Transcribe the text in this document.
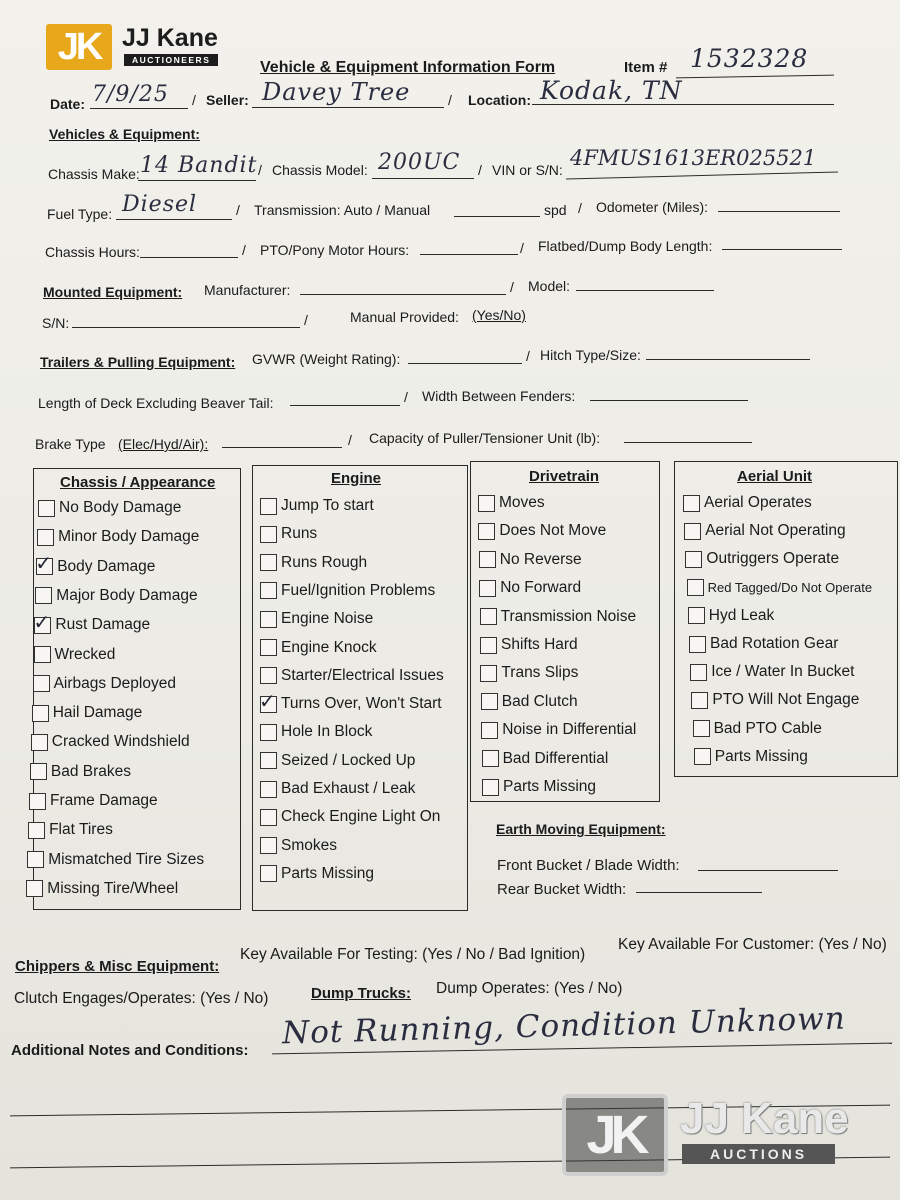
JK JJ Kane
AUCTIONEERS	Vehicle & Equipment Information Form	Item # 1532328
Date: 7/9/25 / Seller: Davey Tree	/ Location: Kodak, TN
Vehicles & Equipment:
Chassis Make: 14 Bandit / Chassis Model: 200UC / VIN or S/N: 4FMUS1613ER025521
Fuel Type: Diesel	/ Transmission: Auto / Manual	spd / Odometer (Miles):
Chassis Hours:	/ PTO/Pony Motor Hours:	/ Flatbed/Dump Body Length:
Mounted Equipment: Manufacturer:	/ Model:
S/N:	/	Manual Provided: (Yes/No)
Trailers & Pulling Equipment: GVWR (Weight Rating):	/ Hitch Type/Size:
Length of Deck Excluding Beaver Tail:	/ Width Between Fenders:
Brake Type (Elec/Hyd/Air):	/ Capacity of Puller/Tensioner Unit (lb):
Chassis / Appearance
No Body Damage
Minor Body Damage
✓ Body Damage
Major Body Damage
✓ Rust Damage
Wrecked
Airbags Deployed
Hail Damage
Cracked Windshield
Bad Brakes
Frame Damage
Flat Tires
Mismatched Tire Sizes
Missing Tire/Wheel
Engine
Jump To start
Runs
Runs Rough
Fuel/Ignition Problems
Engine Noise
Engine Knock
Starter/Electrical Issues
✓ Turns Over, Won't Start
Hole In Block
Seized / Locked Up
Bad Exhaust / Leak
Check Engine Light On
Smokes
Parts Missing
Drivetrain
Moves
Does Not Move
No Reverse
No Forward
Transmission Noise
Shifts Hard
Trans Slips
Bad Clutch
Noise in Differential
Bad Differential
Parts Missing
Aerial Unit
Aerial Operates
Aerial Not Operating
Outriggers Operate
Red Tagged/Do Not Operate
Hyd Leak
Bad Rotation Gear
Ice / Water In Bucket
PTO Will Not Engage
Bad PTO Cable
Parts Missing
Earth Moving Equipment:
Front Bucket / Blade Width:
Rear Bucket Width:
Chippers & Misc Equipment:
Key Available For Testing: (Yes / No / Bad Ignition)
Key Available For Customer: (Yes / No)
Clutch Engages/Operates: (Yes / No)	Dump Trucks: Dump Operates: (Yes / No)
Additional Notes and Conditions: Not Running, Condition Unknown
JK JJ Kane
AUCTIONS
